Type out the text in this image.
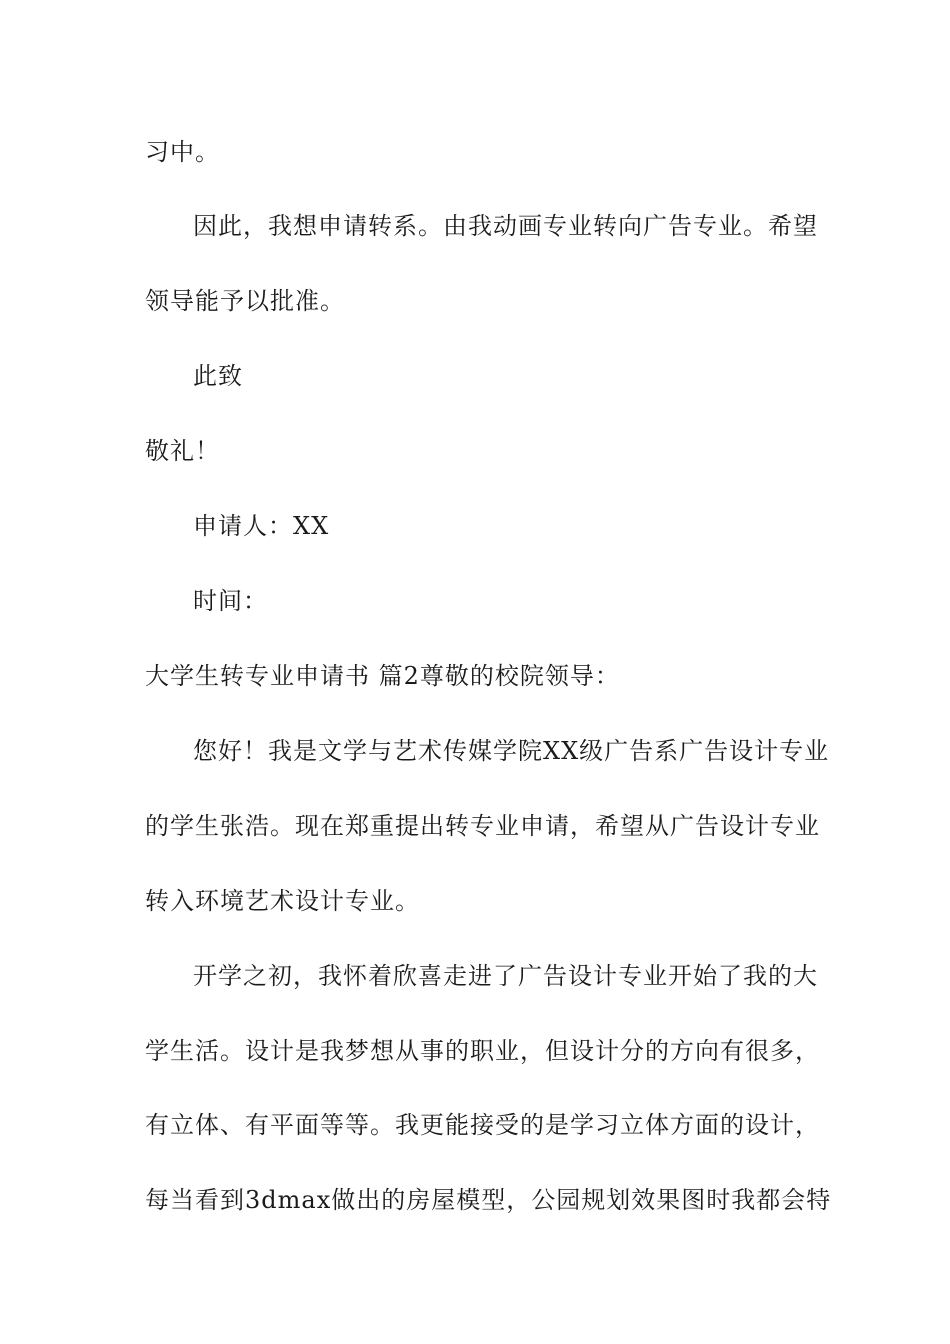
习中。
因此，我想申请转系。由我动画专业转向广告专业。希望
领导能予以批准。
此致
敬礼！
申请人：XX
时间：
大学生转专业申请书 篇2尊敬的校院领导：
您好！我是文学与艺术传媒学院XX级广告系广告设计专业
的学生张浩。现在郑重提出转专业申请，希望从广告设计专业
转入环境艺术设计专业。
开学之初，我怀着欣喜走进了广告设计专业开始了我的大
学生活。设计是我梦想从事的职业，但设计分的方向有很多，
有立体、有平面等等。我更能接受的是学习立体方面的设计，
每当看到3dmax做出的房屋模型，公园规划效果图时我都会特
